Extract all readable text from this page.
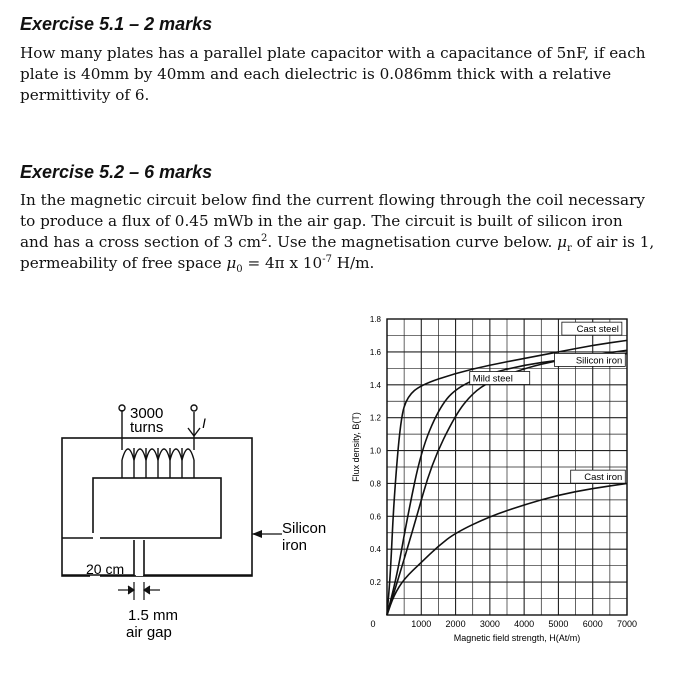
Exercise 5.1 – 2 marks

How many plates has a parallel plate capacitor with a capacitance of 5nF, if each
plate is 40mm by 40mm and each dielectric is 0.086mm thick with a relative
permittivity of 6.

Exercise 5.2 – 6 marks

In the magnetic circuit below find the current flowing through the coil necessary
to produce a flux of 0.45 mWb in the air gap. The circuit is built of silicon iron
and has a cross section of 3 $cm^2$. Use the magnetisation curve below. $\mu_r$ of air is 1,
permeability of free space $\mu_0 = 4\pi$ x $10^{-7}$ H/m.

3000
turns	I
Silicon
iron
20 cm
1.5 mm
air gap
Cast steel
Silicon iron
Mild steel
Cast iron
1000 2000 3000 4000 5000 6000 7000
0.2
0.4
0.6
0.8
1.0
1.2
1.4
1.6
1.8
0
Magnetic field strength, H(At/m)
Flux density, B(T)
